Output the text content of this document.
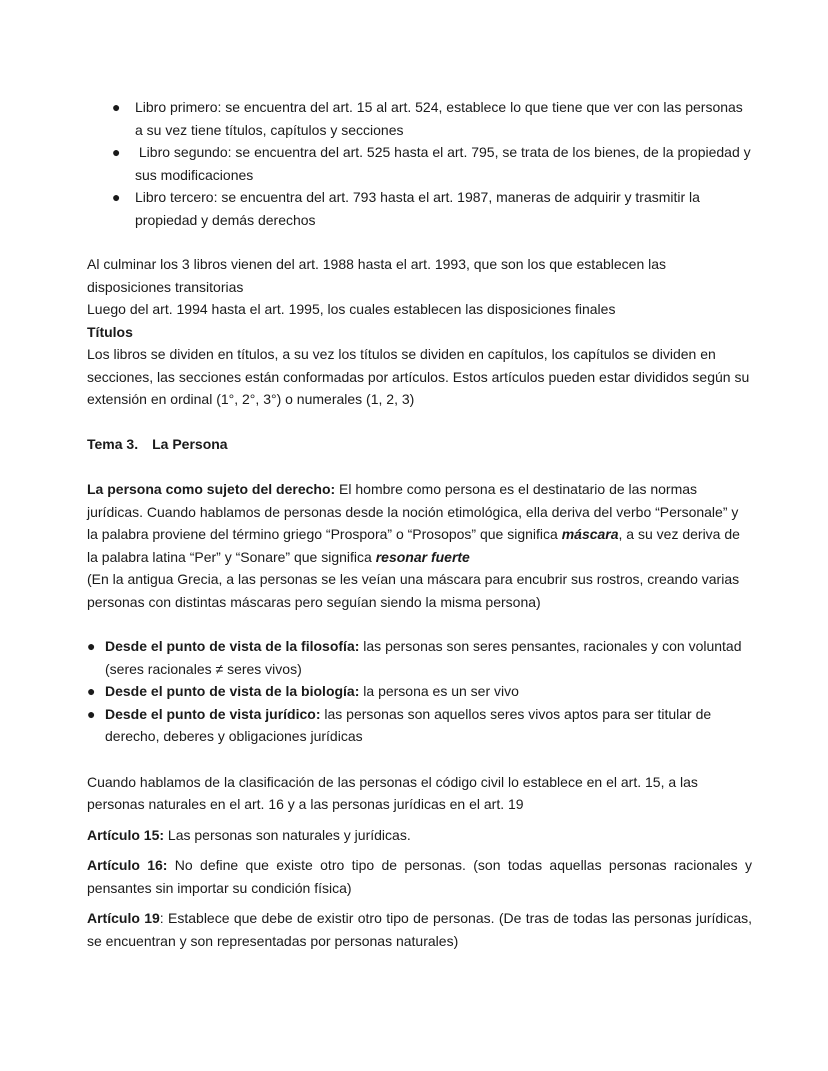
● Libro primero: se encuentra del art. 15 al art. 524, establece lo que tiene que ver con las personas a su vez tiene títulos, capítulos y secciones
● Libro segundo: se encuentra del art. 525 hasta el art. 795, se trata de los bienes, de la propiedad y sus modificaciones
● Libro tercero: se encuentra del art. 793 hasta el art. 1987, maneras de adquirir y trasmitir la propiedad y demás derechos

Al culminar los 3 libros vienen del art. 1988 hasta el art. 1993, que son los que establecen las disposiciones transitorias

Luego del art. 1994 hasta el art. 1995, los cuales establecen las disposiciones finales

Títulos

Los libros se dividen en títulos, a su vez los títulos se dividen en capítulos, los capítulos se dividen en secciones, las secciones están conformadas por artículos. Estos artículos pueden estar divididos según su extensión en ordinal (1°, 2°, 3°) o numerales (1, 2, 3)

Tema 3. La Persona

La persona como sujeto del derecho: El hombre como persona es el destinatario de las normas jurídicas. Cuando hablamos de personas desde la noción etimológica, ella deriva del verbo “Personale” y la palabra proviene del término griego “Prospora” o “Prosopos” que significa máscara, a su vez deriva de la palabra latina “Per” y “Sonare” que significa resonar fuerte

(En la antigua Grecia, a las personas se les veían una máscara para encubrir sus rostros, creando varias personas con distintas máscaras pero seguían siendo la misma persona)

● Desde el punto de vista de la filosofía: las personas son seres pensantes, racionales y con voluntad (seres racionales ≠ seres vivos)
● Desde el punto de vista de la biología: la persona es un ser vivo
● Desde el punto de vista jurídico: las personas son aquellos seres vivos aptos para ser titular de derecho, deberes y obligaciones jurídicas

Cuando hablamos de la clasificación de las personas el código civil lo establece en el art. 15, a las personas naturales en el art. 16 y a las personas jurídicas en el art. 19

Artículo 15: Las personas son naturales y jurídicas.

Artículo 16: No define que existe otro tipo de personas. (son todas aquellas personas racionales y pensantes sin importar su condición física)

Artículo 19: Establece que debe de existir otro tipo de personas. (De tras de todas las personas jurídicas, se encuentran y son representadas por personas naturales)
